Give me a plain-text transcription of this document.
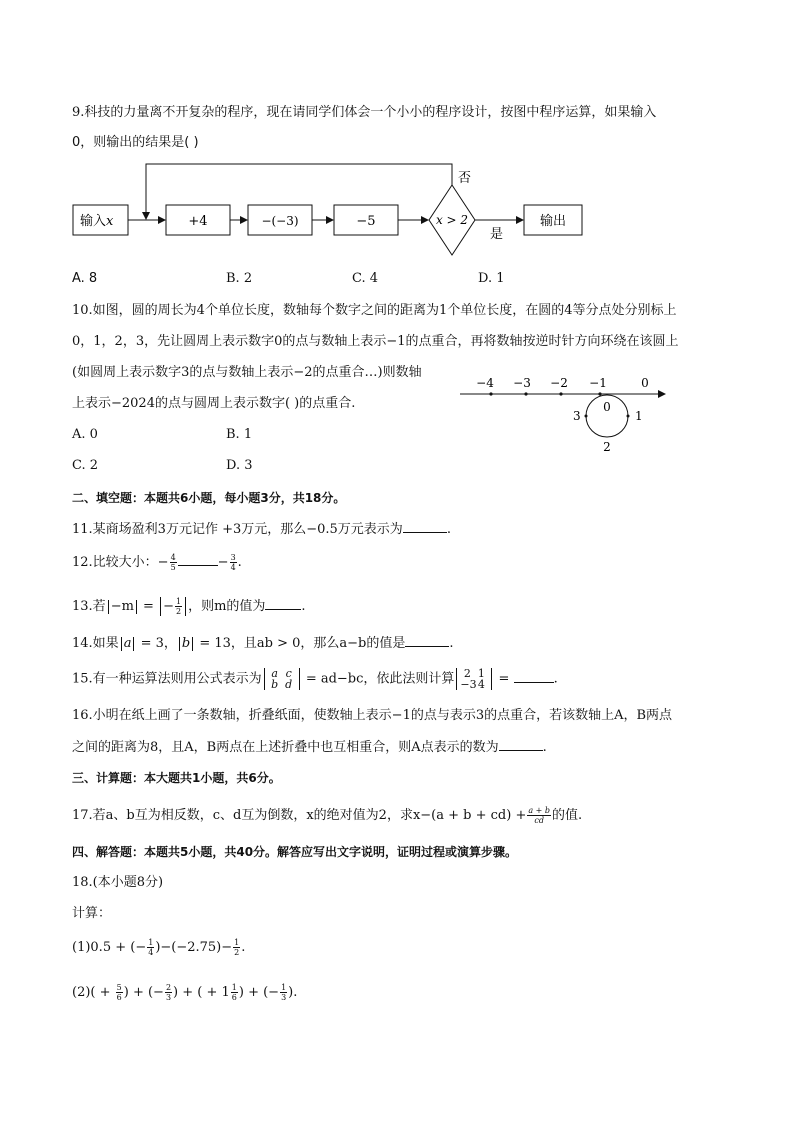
9.科技的力量离不开复杂的程序，现在请同学们体会一个小小的程序设计，按图中程序运算，如果输入
0，则输出的结果是( )
输入x	+4	−(−3)	−5	x > 2
否
是
输出
A. 8	B. 2	C. 4	D. 1
10.如图，圆的周长为4个单位长度，数轴每个数字之间的距离为1个单位长度，在圆的4等分点处分别标上
0，1，2，3，先让圆周上表示数字0的点与数轴上表示−1的点重合，再将数轴按逆时针方向环绕在该圆上
(如圆周上表示数字3的点与数轴上表示−2的点重合…)则数轴
上表示−2024的点与圆周上表示数字( )的点重合.
−4 −3 −2 −1	0
0
1
2
3
A. 0	B. 1
C. 2	D. 3
二、填空题：本题共6小题，每小题3分，共18分。
11.某商场盈利3万元记作 +3万元，那么−0.5万元表示为	.
12.比较大小：− $\frac{4}{5}$	− $\frac{3}{4}$ .
13.若 −m = − $\frac{1}{2}$ ，则m的值为	.
14.如果 a = 3， b = 13，且ab > 0，那么a−b的值是	.
15.有一种运算法则用公式表示为 a c
b d = ad−bc，依此法则计算 2 1
−34 =	.
16.小明在纸上画了一条数轴，折叠纸面，使数轴上表示−1的点与表示3的点重合，若该数轴上A，B两点
之间的距离为8，且A，B两点在上述折叠中也互相重合，则A点表示的数为	.
三、计算题：本大题共1小题，共6分。
17.若a、b互为相反数，c、d互为倒数，x的绝对值为2，求$x-(a + b + cd) + \frac{a + b}{cd}$ 的值.
四、解答题：本题共5小题，共40分。解答应写出文字说明，证明过程或演算步骤。
18.(本小题8分)
计算：
(1)0.5 + (− $\frac{1}{4} )-(-2.75)- \frac{1}{2}$ .
$(2)( + \frac{5}{6}$ ) + (− $\frac{2}{3}$ ) + ( + $1 \frac{1}{6}$ ) + (− $\frac{1}{3}$ ).
